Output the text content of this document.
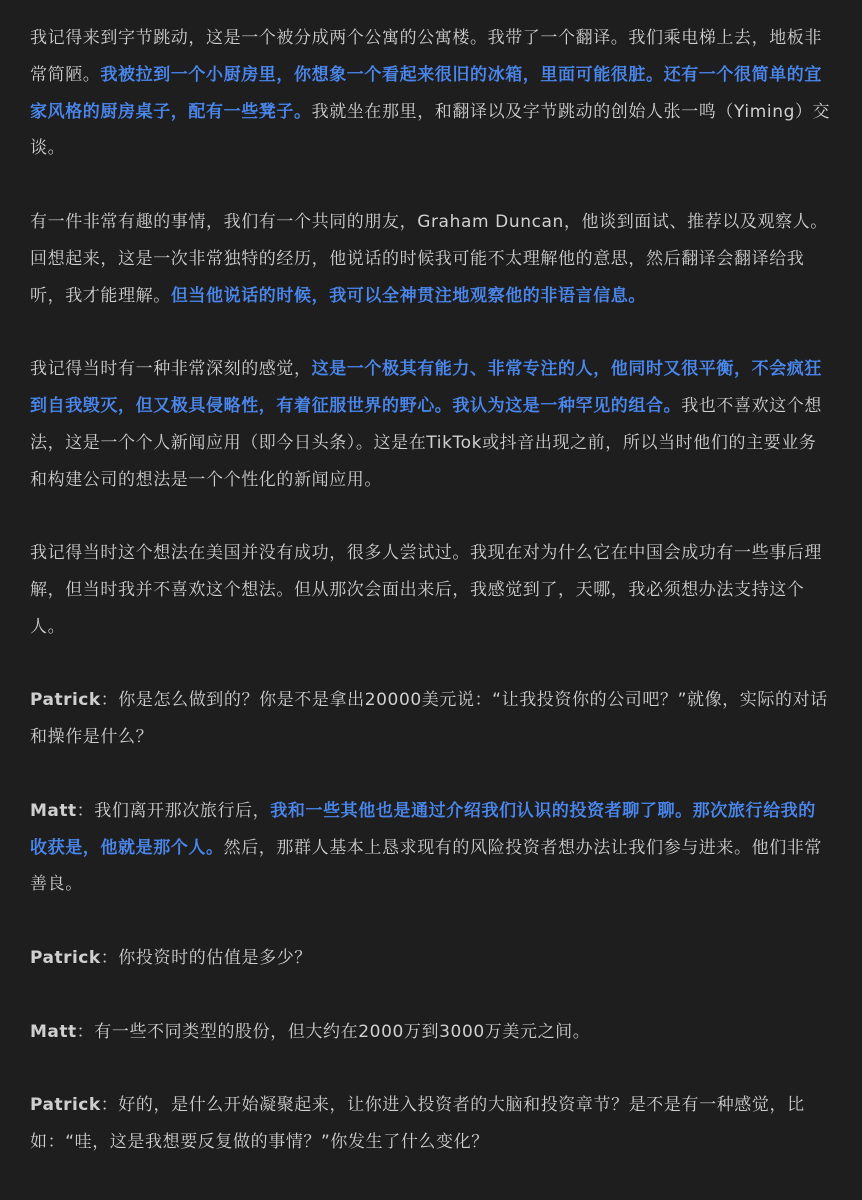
我记得来到字节跳动，这是一个被分成两个公寓的公寓楼。我带了一个翻译。我们乘电梯上去，地板非常简陋。我被拉到一个小厨房里，你想象一个看起来很旧的冰箱，里面可能很脏。还有一个很简单的宜家风格的厨房桌子，配有一些凳子。我就坐在那里，和翻译以及字节跳动的创始人张一鸣（Yiming）交谈。

有一件非常有趣的事情，我们有一个共同的朋友，Graham Duncan，他谈到面试、推荐以及观察人。回想起来，这是一次非常独特的经历，他说话的时候我可能不太理解他的意思，然后翻译会翻译给我听，我才能理解。但当他说话的时候，我可以全神贯注地观察他的非语言信息。

我记得当时有一种非常深刻的感觉，这是一个极其有能力、非常专注的人，他同时又很平衡，不会疯狂到自我毁灭，但又极具侵略性，有着征服世界的野心。我认为这是一种罕见的组合。我也不喜欢这个想法，这是一个个人新闻应用（即今日头条）。这是在TikTok或抖音出现之前，所以当时他们的主要业务和构建公司的想法是一个个性化的新闻应用。

我记得当时这个想法在美国并没有成功，很多人尝试过。我现在对为什么它在中国会成功有一些事后理解，但当时我并不喜欢这个想法。但从那次会面出来后，我感觉到了，天哪，我必须想办法支持这个人。

Patrick：你是怎么做到的？你是不是拿出20000美元说：“让我投资你的公司吧？”就像，实际的对话和操作是什么？

Matt：我们离开那次旅行后，我和一些其他也是通过介绍我们认识的投资者聊了聊。那次旅行给我的收获是，他就是那个人。然后，那群人基本上恳求现有的风险投资者想办法让我们参与进来。他们非常善良。

Patrick：你投资时的估值是多少？

Matt：有一些不同类型的股份，但大约在2000万到3000万美元之间。

Patrick：好的，是什么开始凝聚起来，让你进入投资者的大脑和投资章节？是不是有一种感觉，比如：“哇，这是我想要反复做的事情？”你发生了什么变化？
